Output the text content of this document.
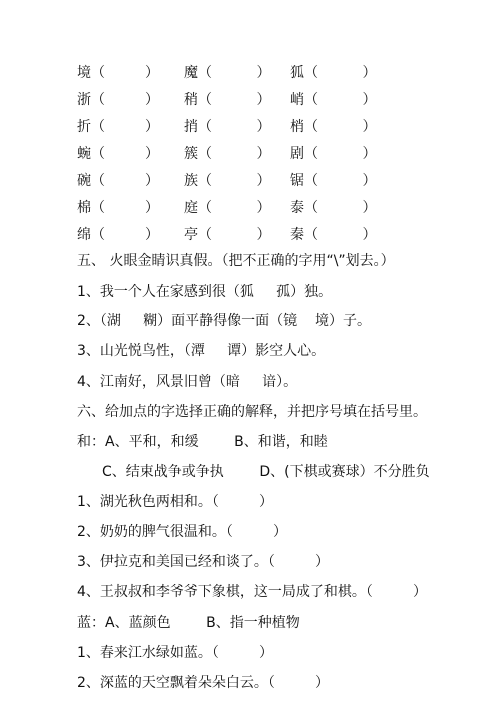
境（         ） 魔（          ） 狐（          ）
浙（         ） 稍（          ） 峭（          ）
折（         ） 捎（          ） 梢（          ）
蜿（         ） 簇（          ） 剧（          ）
碗（         ） 族（          ） 锯（          ）
棉（         ） 庭（          ） 泰（          ）
绵（         ） 亭（          ） 秦（          ）
五、 火眼金睛识真假。（把不正确的字用“\”划去。）
1、我一个人在家感到很（狐     孤）独。
2、（湖     糊）面平静得像一面（镜    境）子。
3、山光悦鸟性，（潭     谭）影空人心。
4、江南好，风景旧曾（暗     谙）。
六、给加点的字选择正确的解释，并把序号填在括号里。
和：A、平和，和缓        B、和谐，和睦
C、结束战争或争执        D、(下棋或赛球）不分胜负
1、湖光秋色两相和。（         ）
2、奶奶的脾气很温和。（         ）
3、伊拉克和美国已经和谈了。（         ）
4、王叔叔和李爷爷下象棋，这一局成了和棋。（         ）
蓝：A、蓝颜色        B、指一种植物
1、春来江水绿如蓝。（         ）
2、深蓝的天空飘着朵朵白云。（         ）
